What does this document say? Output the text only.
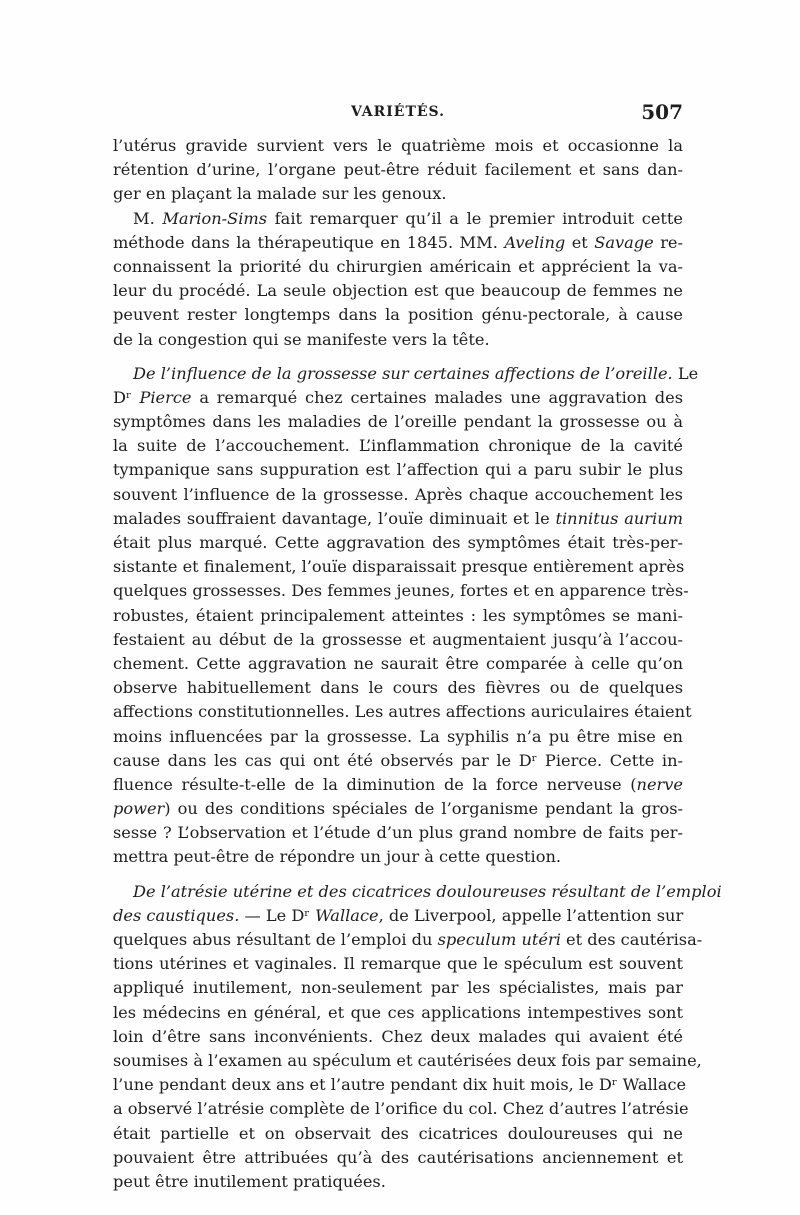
VARIÉTÉS.	507
l’utérus gravide survient vers le quatrième mois et occasionne la
rétention d’urine, l’organe peut-être réduit facilement et sans dan-
ger en plaçant la malade sur les genoux.
M. Marion-Sims fait remarquer qu’il a le premier introduit cette
méthode dans la thérapeutique en 1845. MM. Aveling et Savage re-
connaissent la priorité du chirurgien américain et apprécient la va-
leur du procédé. La seule objection est que beaucoup de femmes ne
peuvent rester longtemps dans la position génu-pectorale, à cause
de la congestion qui se manifeste vers la tête.
De l’influence de la grossesse sur certaines affections de l’oreille. Le
Dʳ Pierce a remarqué chez certaines malades une aggravation des
symptômes dans les maladies de l’oreille pendant la grossesse ou à
la suite de l’accouchement. L’inflammation chronique de la cavité
tympanique sans suppuration est l’affection qui a paru subir le plus
souvent l’influence de la grossesse. Après chaque accouchement les
malades souffraient davantage, l’ouïe diminuait et le tinnitus aurium
était plus marqué. Cette aggravation des symptômes était très-per-
sistante et finalement, l’ouïe disparaissait presque entièrement après
quelques grossesses. Des femmes jeunes, fortes et en apparence très-
robustes, étaient principalement atteintes : les symptômes se mani-
festaient au début de la grossesse et augmentaient jusqu’à l’accou-
chement. Cette aggravation ne saurait être comparée à celle qu’on
observe habituellement dans le cours des fièvres ou de quelques
affections constitutionnelles. Les autres affections auriculaires étaient
moins influencées par la grossesse. La syphilis n’a pu être mise en
cause dans les cas qui ont été observés par le Dʳ Pierce. Cette in-
fluence résulte-t-elle de la diminution de la force nerveuse (nerve
power) ou des conditions spéciales de l’organisme pendant la gros-
sesse ? L’observation et l’étude d’un plus grand nombre de faits per-
mettra peut-être de répondre un jour à cette question.
De l’atrésie utérine et des cicatrices douloureuses résultant de l’emploi
des caustiques. — Le Dʳ Wallace, de Liverpool, appelle l’attention sur
quelques abus résultant de l’emploi du speculum utéri et des cautérisa-
tions utérines et vaginales. Il remarque que le spéculum est souvent
appliqué inutilement, non-seulement par les spécialistes, mais par
les médecins en général, et que ces applications intempestives sont
loin d’être sans inconvénients. Chez deux malades qui avaient été
soumises à l’examen au spéculum et cautérisées deux fois par semaine,
l’une pendant deux ans et l’autre pendant dix huit mois, le Dʳ Wallace
a observé l’atrésie complète de l’orifice du col. Chez d’autres l’atrésie
était partielle et on observait des cicatrices douloureuses qui ne
pouvaient être attribuées qu’à des cautérisations anciennement et
peut être inutilement pratiquées.
